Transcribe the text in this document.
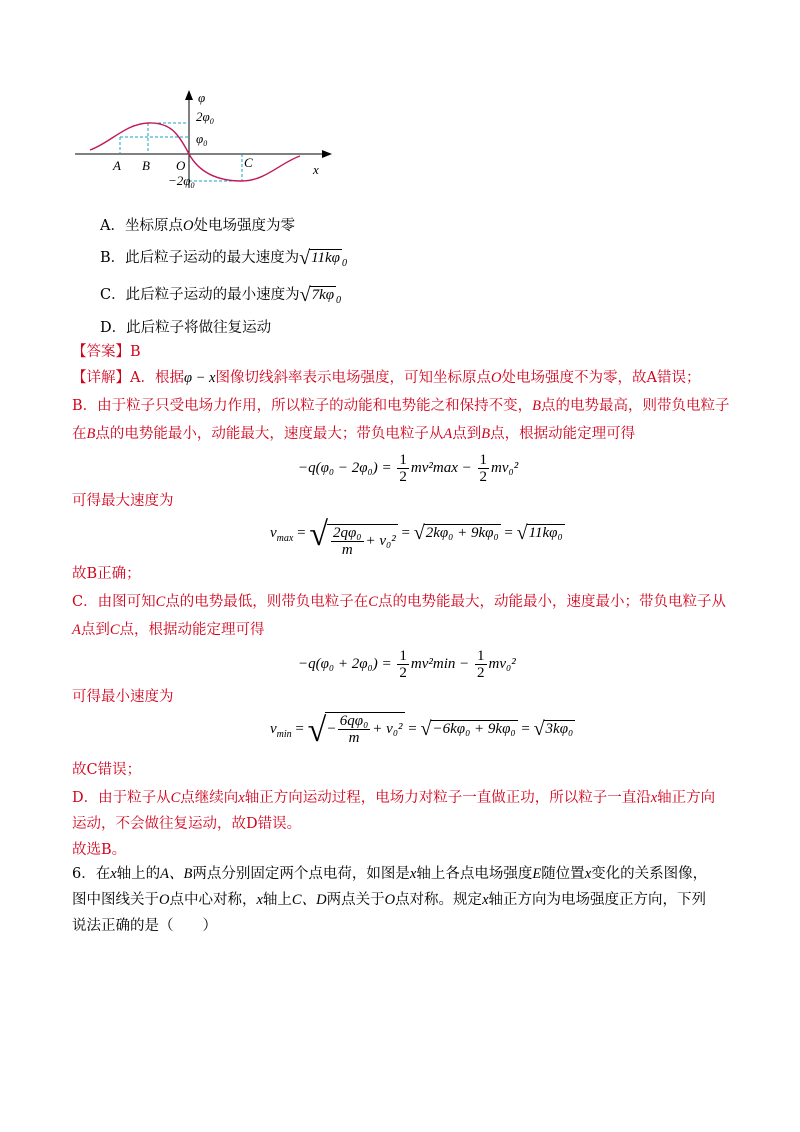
φ
$2\varphi_0$
$\varphi_0$
$-2\varphi_0$
A B O	C	x
A．坐标原点O处电场强度为零
B．此后粒子运动的最大速度为√11kφ $_0$
C．此后粒子运动的最小速度为√7kφ $_0$
D．此后粒子将做往复运动
【答案】B
【详解】A．根据φ − x图像切线斜率表示电场强度，可知坐标原点O处电场强度不为零，故A错误；
B．由于粒子只受电场力作用，所以粒子的动能和电势能之和保持不变，B点的电势最高，则带负电粒子
在B点的电势能最小，动能最大，速度最大；带负电粒子从A点到B点，根据动能定理可得
$-q(\varphi_0 - 2\varphi_0) = \frac{1}{2} mv^2\max - \frac{1}{2} mv_0^2$
可得最大速度为
$v_{max}$ = √ $\frac{\text{2qφ₀}}{m} + v_0^2 = √2k\varphi_0 + 9k\varphi_0 = √11k\varphi_0$
故B正确；
C．由图可知C点的电势最低，则带负电粒子在C点的电势能最大，动能最小，速度最小；带负电粒子从
A点到C点，根据动能定理可得
$-q(\varphi_0 + 2\varphi_0) = \frac{1}{2} mv^2\min - \frac{1}{2} mv_0^2$
可得最小速度为
$v_{min}$ = √− $\frac{\text{6qφ₀}}{m} + v_0^2 = √-6k\varphi_0 + 9k\varphi_0 = √3k\varphi_0$
故C错误；
D．由于粒子从C点继续向x轴正方向运动过程，电场力对粒子一直做正功，所以粒子一直沿x轴正方向
运动，不会做往复运动，故D错误。
故选B。
6．在x轴上的A、B两点分别固定两个点电荷，如图是x轴上各点电场强度E随位置x变化的关系图像，
图中图线关于O点中心对称，x轴上C、D两点关于O点对称。规定x轴正方向为电场强度正方向，下列
说法正确的是（　　）
